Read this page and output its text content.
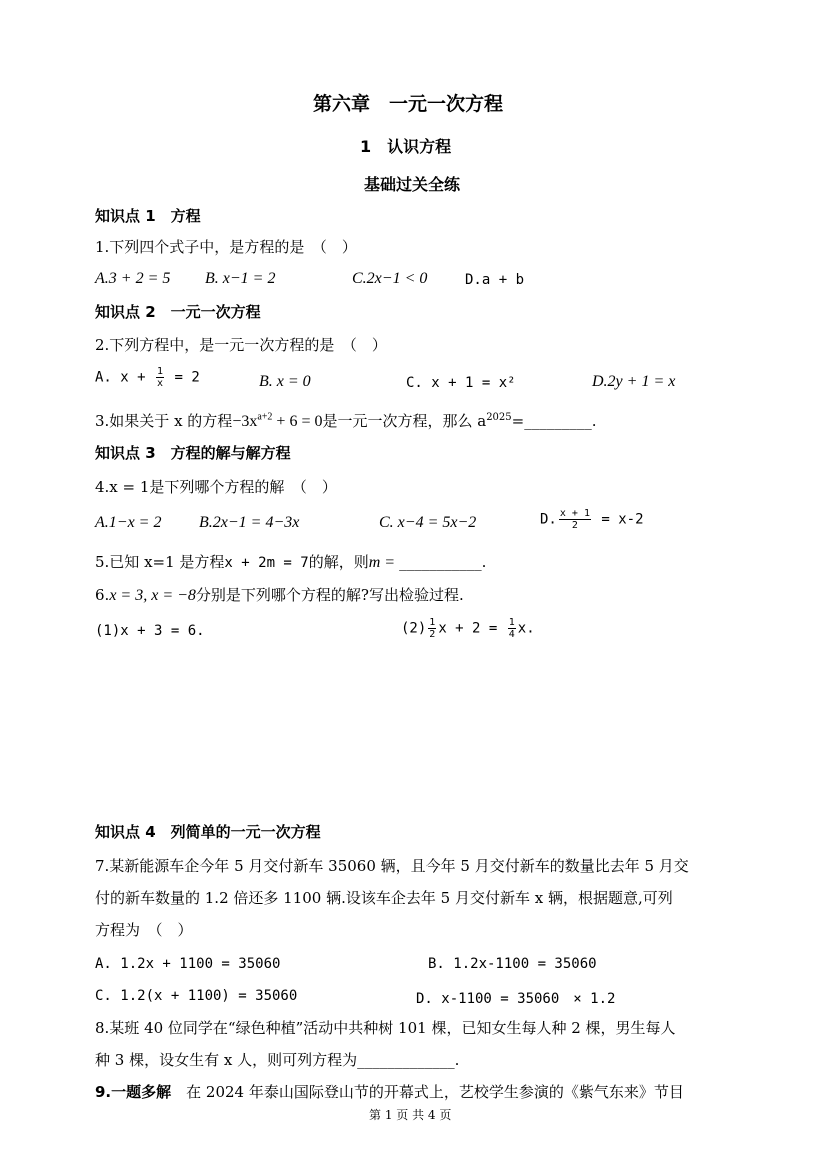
第六章　一元一次方程
1　认识方程
基础过关全练
知识点 1　方程
1.下列四个式子中，是方程的是　（　）
A.3 + 2 = 5 B. x−1 = 2	C.2x−1 < 0	D.a + b
知识点 2　一元一次方程
2.下列方程中，是一元一次方程的是　（　）
A. $x + \frac{1}{x} = 2$	B. x = 0	C. x + 1 = x²	D.2y + 1 = x
3.如果关于 x 的方程$-3x^{a+2} + 6 = 0$是一元一次方程，那么 $a^{2025}=\_\_\_\_\_\_\_\_\_$.
知识点 3　方程的解与解方程
4.x = 1是下列哪个方程的解　（　）
A.1−x = 2 B.2x−1 = 4−3x	C. x−4 = 5x−2	D. $\frac{x + 1}{2} = x-2$
5.已知 x=1 是方程x + 2m = 7的解，则m = ___________.
6.x = 3, x = −8分别是下列哪个方程的解?写出检验过程.
(1)x + 3 = 6.	$(2) \frac{1}{2}$ $x + 2 = \frac{1}{4} x$.
知识点 4　列简单的一元一次方程
7.某新能源车企今年 5 月交付新车 35060 辆，且今年 5 月交付新车的数量比去年 5 月交
付的新车数量的 1.2 倍还多 1100 辆.设该车企去年 5 月交付新车 x 辆，根据题意,可列
方程为　（　）
A. 1.2x + 1100 = 35060	B. 1.2x-1100 = 35060
C. 1.2(x + 1100) = 35060	D. x-1100 = 35060　× 1.2
8.某班 40 位同学在“绿色种植”活动中共种树 101 棵，已知女生每人种 2 棵，男生每人
种 3 棵，设女生有 x 人，则可列方程为_____________.
9.一题多解　在 2024 年泰山国际登山节的开幕式上，艺校学生参演的《紫气东来》节目
第 1 页 共 4 页
